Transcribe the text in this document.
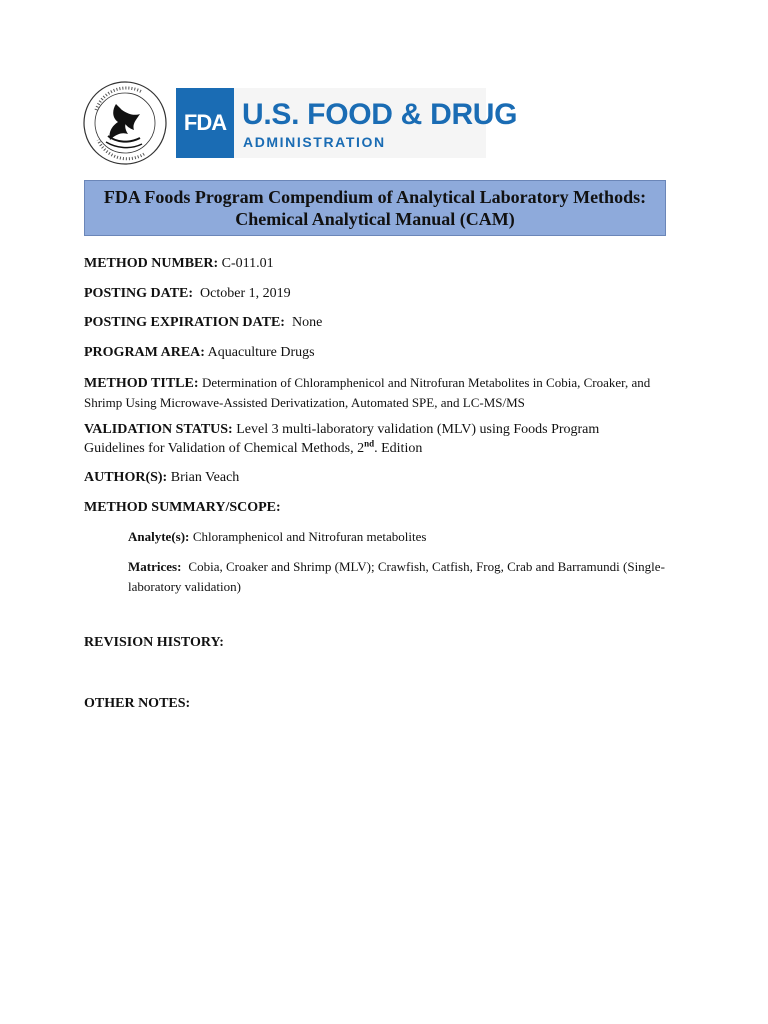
FDA U.S. FOOD & DRUG
ADMINISTRATION
FDA Foods Program Compendium of Analytical Laboratory Methods:
Chemical Analytical Manual (CAM)
METHOD NUMBER: C-011.01
POSTING DATE: October 1, 2019
POSTING EXPIRATION DATE: None
PROGRAM AREA: Aquaculture Drugs
METHOD TITLE: Determination of Chloramphenicol and Nitrofuran Metabolites in Cobia, Croaker, and Shrimp Using Microwave-Assisted Derivatization, Automated SPE, and LC-MS/MS
VALIDATION STATUS: Level 3 multi-laboratory validation (MLV) using Foods Program Guidelines for Validation of Chemical Methods, 2nd. Edition
AUTHOR(S): Brian Veach
METHOD SUMMARY/SCOPE:
Analyte(s): Chloramphenicol and Nitrofuran metabolites
Matrices: Cobia, Croaker and Shrimp (MLV); Crawfish, Catfish, Frog, Crab and Barramundi (Single-laboratory validation)
REVISION HISTORY:
OTHER NOTES:
